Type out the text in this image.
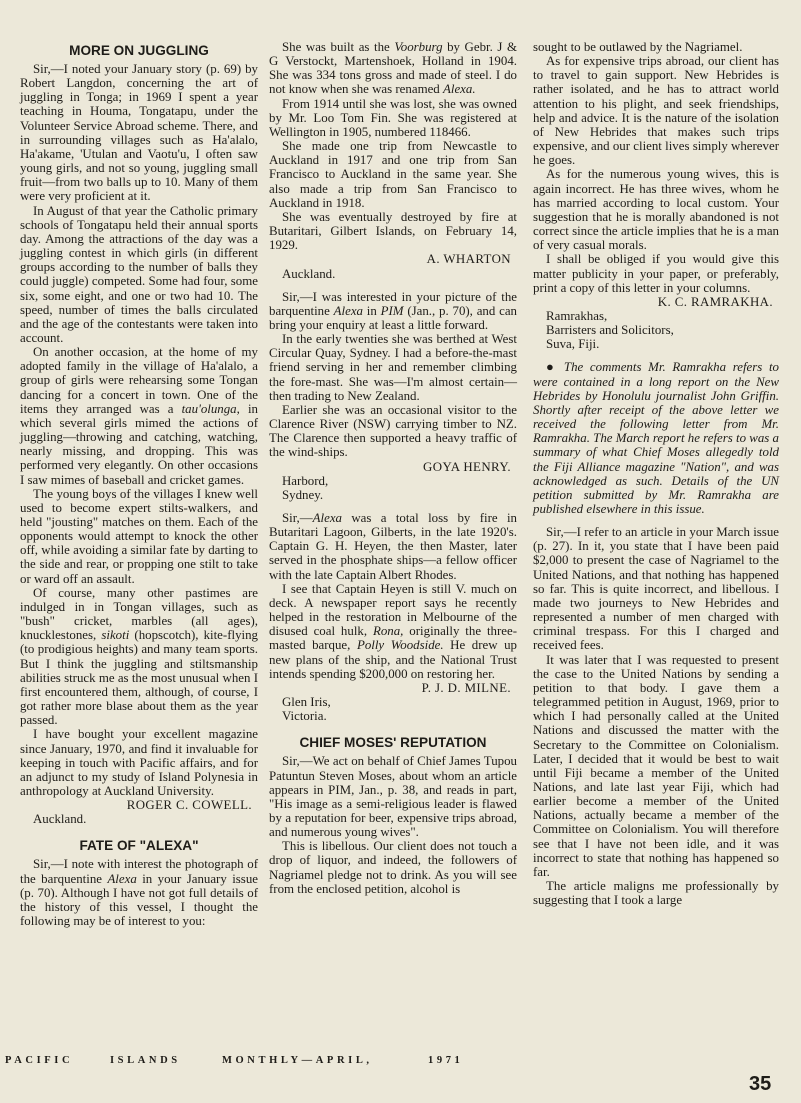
MORE ON JUGGLING

Sir,—I noted your January story (p. 69) by Robert Langdon, concerning the art of juggling in Tonga; in 1969 I spent a year teaching in Houma, Tongatapu, under the Volunteer Service Abroad scheme. There, and in surrounding villages such as Ha'alalo, Ha'akame, 'Utulan and Vaotu'u, I often saw young girls, and not so young, juggling small fruit—from two balls up to 10. Many of them were very proficient at it.

In August of that year the Catholic primary schools of Tongatapu held their annual sports day. Among the attractions of the day was a juggling contest in which girls (in different groups according to the number of balls they could juggle) competed. Some had four, some six, some eight, and one or two had 10. The speed, number of times the balls circulated and the age of the contestants were taken into account.

On another occasion, at the home of my adopted family in the village of Ha'alalo, a group of girls were rehearsing some Tongan dancing for a concert in town. One of the items they arranged was a tau'olunga, in which several girls mimed the actions of juggling—throwing and catching, watching, nearly missing, and dropping. This was performed very elegantly. On other occasions I saw mimes of baseball and cricket games.

The young boys of the villages I knew well used to become expert stilts-walkers, and held "jousting" matches on them. Each of the opponents would attempt to knock the other off, while avoiding a similar fate by darting to the side and rear, or propping one stilt to take or ward off an assault.

Of course, many other pastimes are indulged in in Tongan villages, such as "bush" cricket, marbles (all ages), knucklestones, sikoti (hopscotch), kite-flying (to prodigious heights) and many team sports. But I think the juggling and stiltsmanship abilities struck me as the most unusual when I first encountered them, although, of course, I got rather more blase about them as the year passed.

I have bought your excellent magazine since January, 1970, and find it invaluable for keeping in touch with Pacific affairs, and for an adjunct to my study of Island Polynesia in anthropology at Auckland University.

ROGER C. COWELL.

Auckland.

FATE OF "ALEXA"

Sir,—I note with interest the photograph of the barquentine Alexa in your January issue (p. 70). Although I have not got full details of the history of this vessel, I thought the following may be of interest to you:

She was built as the Voorburg by Gebr. J & G Verstockt, Martenshoek, Holland in 1904. She was 334 tons gross and made of steel. I do not know when she was renamed Alexa.

From 1914 until she was lost, she was owned by Mr. Loo Tom Fin. She was registered at Wellington in 1905, numbered 118466.

She made one trip from Newcastle to Auckland in 1917 and one trip from San Francisco to Auckland in the same year. She also made a trip from San Francisco to Auckland in 1918.

She was eventually destroyed by fire at Butaritari, Gilbert Islands, on February 14, 1929.

A. WHARTON

Auckland.

Sir,—I was interested in your picture of the barquentine Alexa in PIM (Jan., p. 70), and can bring your enquiry at least a little forward.

In the early twenties she was berthed at West Circular Quay, Sydney. I had a before-the-mast friend serving in her and remember climbing the fore-mast. She was—I'm almost certain—then trading to New Zealand.

Earlier she was an occasional visitor to the Clarence River (NSW) carrying timber to NZ. The Clarence then supported a heavy traffic of the wind-ships.

GOYA HENRY.

Harbord,

Sydney.

Sir,—Alexa was a total loss by fire in Butaritari Lagoon, Gilberts, in the late 1920's. Captain G. H. Heyen, the then Master, later served in the phosphate ships—a fellow officer with the late Captain Albert Rhodes.

I see that Captain Heyen is still V. much on deck. A newspaper report says he recently helped in the restoration in Melbourne of the disused coal hulk, Rona, originally the three-masted barque, Polly Woodside. He drew up new plans of the ship, and the National Trust intends spending $200,000 on restoring her.

P. J. D. MILNE.

Glen Iris,

Victoria.

CHIEF MOSES' REPUTATION

Sir,—We act on behalf of Chief James Tupou Patuntun Steven Moses, about whom an article appears in PIM, Jan., p. 38, and reads in part, "His image as a semi-religious leader is flawed by a reputation for beer, expensive trips abroad, and numerous young wives".

This is libellous. Our client does not touch a drop of liquor, and indeed, the followers of Nagriamel pledge not to drink. As you will see from the enclosed petition, alcohol is

sought to be outlawed by the Nagriamel.

As for expensive trips abroad, our client has to travel to gain support. New Hebrides is rather isolated, and he has to attract world attention to his plight, and seek friendships, help and advice. It is the nature of the isolation of New Hebrides that makes such trips expensive, and our client lives simply wherever he goes.

As for the numerous young wives, this is again incorrect. He has three wives, whom he has married according to local custom. Your suggestion that he is morally abandoned is not correct since the article implies that he is a man of very casual morals.

I shall be obliged if you would give this matter publicity in your paper, or preferably, print a copy of this letter in your columns.

K. C. RAMRAKHA.

Ramrakhas,

Barristers and Solicitors,

Suva, Fiji.

● The comments Mr. Ramrakha refers to were contained in a long report on the New Hebrides by Honolulu journalist John Griffin. Shortly after receipt of the above letter we received the following letter from Mr. Ramrakha. The March report he refers to was a summary of what Chief Moses allegedly told the Fiji Alliance magazine "Nation", and was acknowledged as such. Details of the UN petition submitted by Mr. Ramrakha are published elsewhere in this issue.

Sir,—I refer to an article in your March issue (p. 27). In it, you state that I have been paid $2,000 to present the case of Nagriamel to the United Nations, and that nothing has happened so far. This is quite incorrect, and libellous. I made two journeys to New Hebrides and represented a number of men charged with criminal trespass. For this I charged and received fees.

It was later that I was requested to present the case to the United Nations by sending a petition to that body. I gave them a telegrammed petition in August, 1969, prior to which I had personally called at the United Nations and discussed the matter with the Secretary to the Committee on Colonialism. Later, I decided that it would be best to wait until Fiji became a member of the United Nations, and late last year Fiji, which had earlier become a member of the United Nations, actually became a member of the Committee on Colonialism. You will therefore see that I have not been idle, and it was incorrect to state that nothing has happened so far.

The article maligns me professionally by suggesting that I took a large

PACIFIC	ISLANDS	MONTHLY—APRIL,	1971
35
